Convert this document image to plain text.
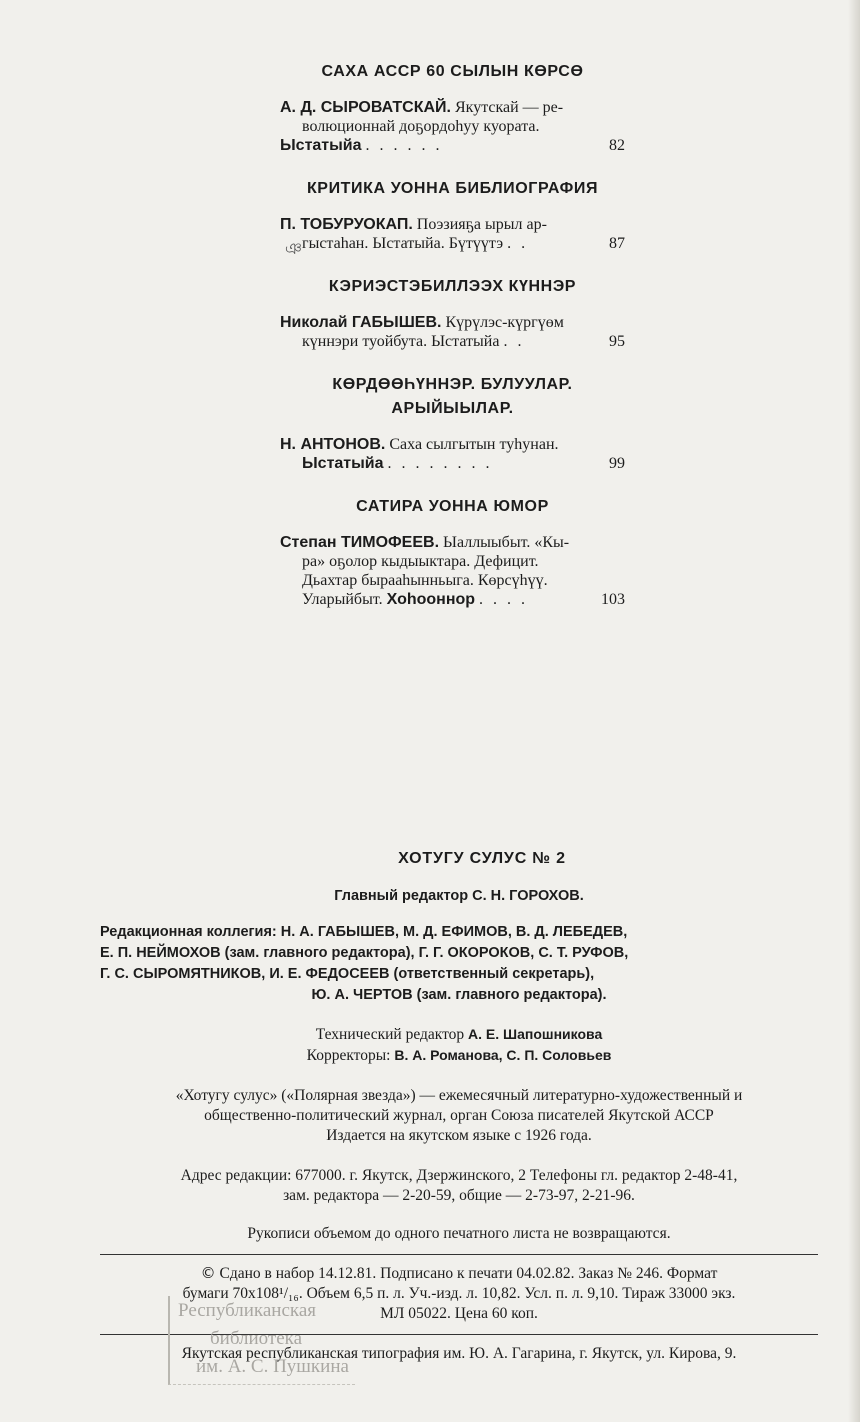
САХА АССР 60 СЫЛЫН КӨРСӨ
А. Д. СЫРОВАТСКАЙ. Якутскай — ре-
волюционнай доҕордоһуу куората.
Ыстатыйа . . . . . .	82
КРИТИКА УОННА БИБЛИОГРАФИЯ
П. ТОБУРУОКАП. Поэзияҕа ырыл ар-
гыстаһан. Ыстатыйа. Бүтүүтэ . .	87
КЭРИЭСТЭБИЛЛЭЭХ КҮННЭР
Николай ГАБЫШЕВ. Күрүлэс-күргүөм
күннэри туойбута. Ыстатыйа . .	95
КӨРДӨӨҺҮННЭР. БУЛУУЛАР.
АРЫЙЫЫЛАР.
Н. АНТОНОВ. Саха сылгытын туһунан.
Ыстатыйа . . . . . . . .	99
САТИРА УОННА ЮМОР
Степан ТИМОФЕЕВ. Ыаллыыбыт. «Кы-
ра» оҕолор кыдыыктара. Дефицит.
Дьахтар бырааһынньыга. Көрсүһүү.
Уларыйбыт. Хоһооннор . . . .	103
ঞ
ХОТУГУ СУЛУС № 2
Главный редактор С. Н. ГОРОХОВ.
Редакционная коллегия: Н. А. ГАБЫШЕВ, М. Д. ЕФИМОВ, В. Д. ЛЕБЕДЕВ,
Е. П. НЕЙМОХОВ (зам. главного редактора), Г. Г. ОКОРОКОВ, С. Т. РУФОВ,
Г. С. СЫРОМЯТНИКОВ, И. Е. ФЕДОСЕЕВ (ответственный секретарь),
Ю. А. ЧЕРТОВ (зам. главного редактора).
Технический редактор А. Е. Шапошникова
Корректоры: В. А. Романова, С. П. Соловьев
«Хотугу сулус» («Полярная звезда») — ежемесячный литературно-художественный и
общественно-политический журнал, орган Союза писателей Якутской АССР
Издается на якутском языке с 1926 года.
Адрес редакции: 677000. г. Якутск, Дзержинского, 2 Телефоны гл. редактор 2-48-41,
зам. редактора — 2-20-59, общие — 2-73-97, 2-21-96.
Рукописи объемом до одного печатного листа не возвращаются.
© Сдано в набор 14.12.81. Подписано к печати 04.02.82. Заказ № 246. Формат
бумаги 70х108¹/₁₆. Объем 6,5 п. л. Уч.-изд. л. 10,82. Усл. п. л. 9,10. Тираж 33000 экз.
МЛ 05022. Цена 60 коп.
Якутская республиканская типография им. Ю. А. Гагарина, г. Якутск, ул. Кирова, 9.
Республиканская
библиотека
им. А. С. Пушкина
